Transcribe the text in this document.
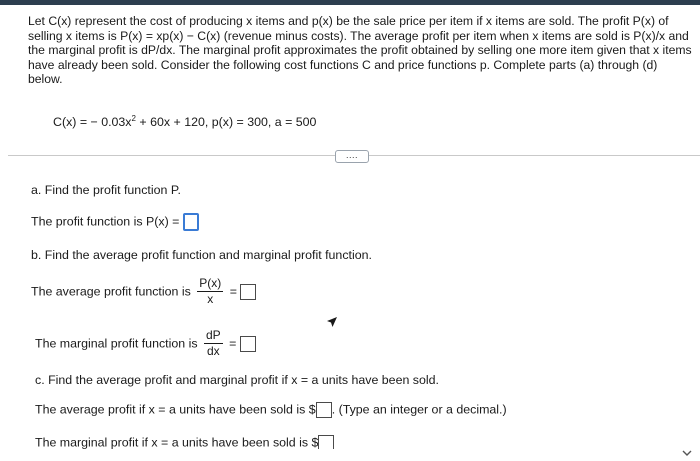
Let C(x) represent the cost of producing x items and p(x) be the sale price per item if x items are sold. The profit P(x) of selling x items is P(x) = xp(x) − C(x) (revenue minus costs). The average profit per item when x items are sold is P(x)/x and the marginal profit is dP/dx. The marginal profit approximates the profit obtained by selling one more item given that x items have already been sold. Consider the following cost functions C and price functions p. Complete parts (a) through (d) below.

C(x) = − $0.03x^2 + 60x + 120$, p(x) = 300, a = 500
....
a. Find the profit function P.
The profit function is P(x) =
b. Find the average profit function and marginal profit function.
The average profit function is $\frac{P(x)}{x}$ =
The marginal profit function is $\frac{dP}{dx}$ =
c. Find the average profit and marginal profit if x = a units have been sold.
The average profit if x = a units have been sold is $ . (Type an integer or a decimal.)
The marginal profit if x = a units have been sold is $
